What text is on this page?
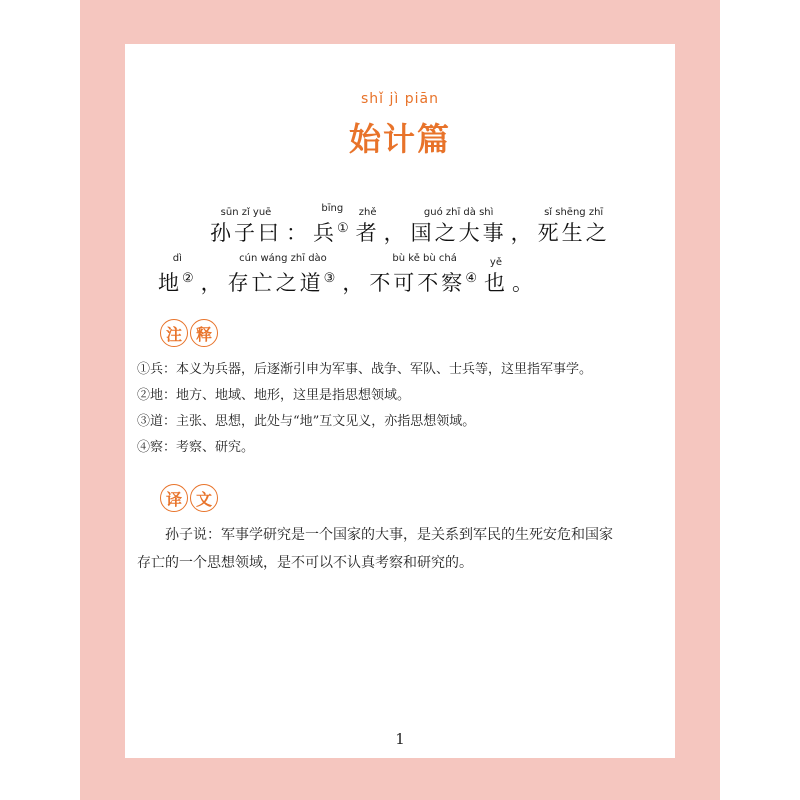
shǐ jì piān
始计篇
sūn zǐ yuē
孙子曰 ：
bīng
兵①
zhě
者 ，
guó zhī dà shì
国之大事 ，
sǐ shēng zhī
死生之
dì
地② ，
cún wáng zhī dào
存亡之道③ ，
bù kě bù chá
不可不察④
yě
也 。
注 释
①兵：本义为兵器，后逐渐引申为军事、战争、军队、士兵等，这里指军事学。
②地：地方、地域、地形，这里是指思想领域。
③道：主张、思想，此处与“地”互文见义，亦指思想领域。
④察：考察、研究。
译 文

　　孙子说：军事学研究是一个国家的大事，是关系到军民的生死安危和国家

存亡的一个思想领域，是不可以不认真考察和研究的。

1
